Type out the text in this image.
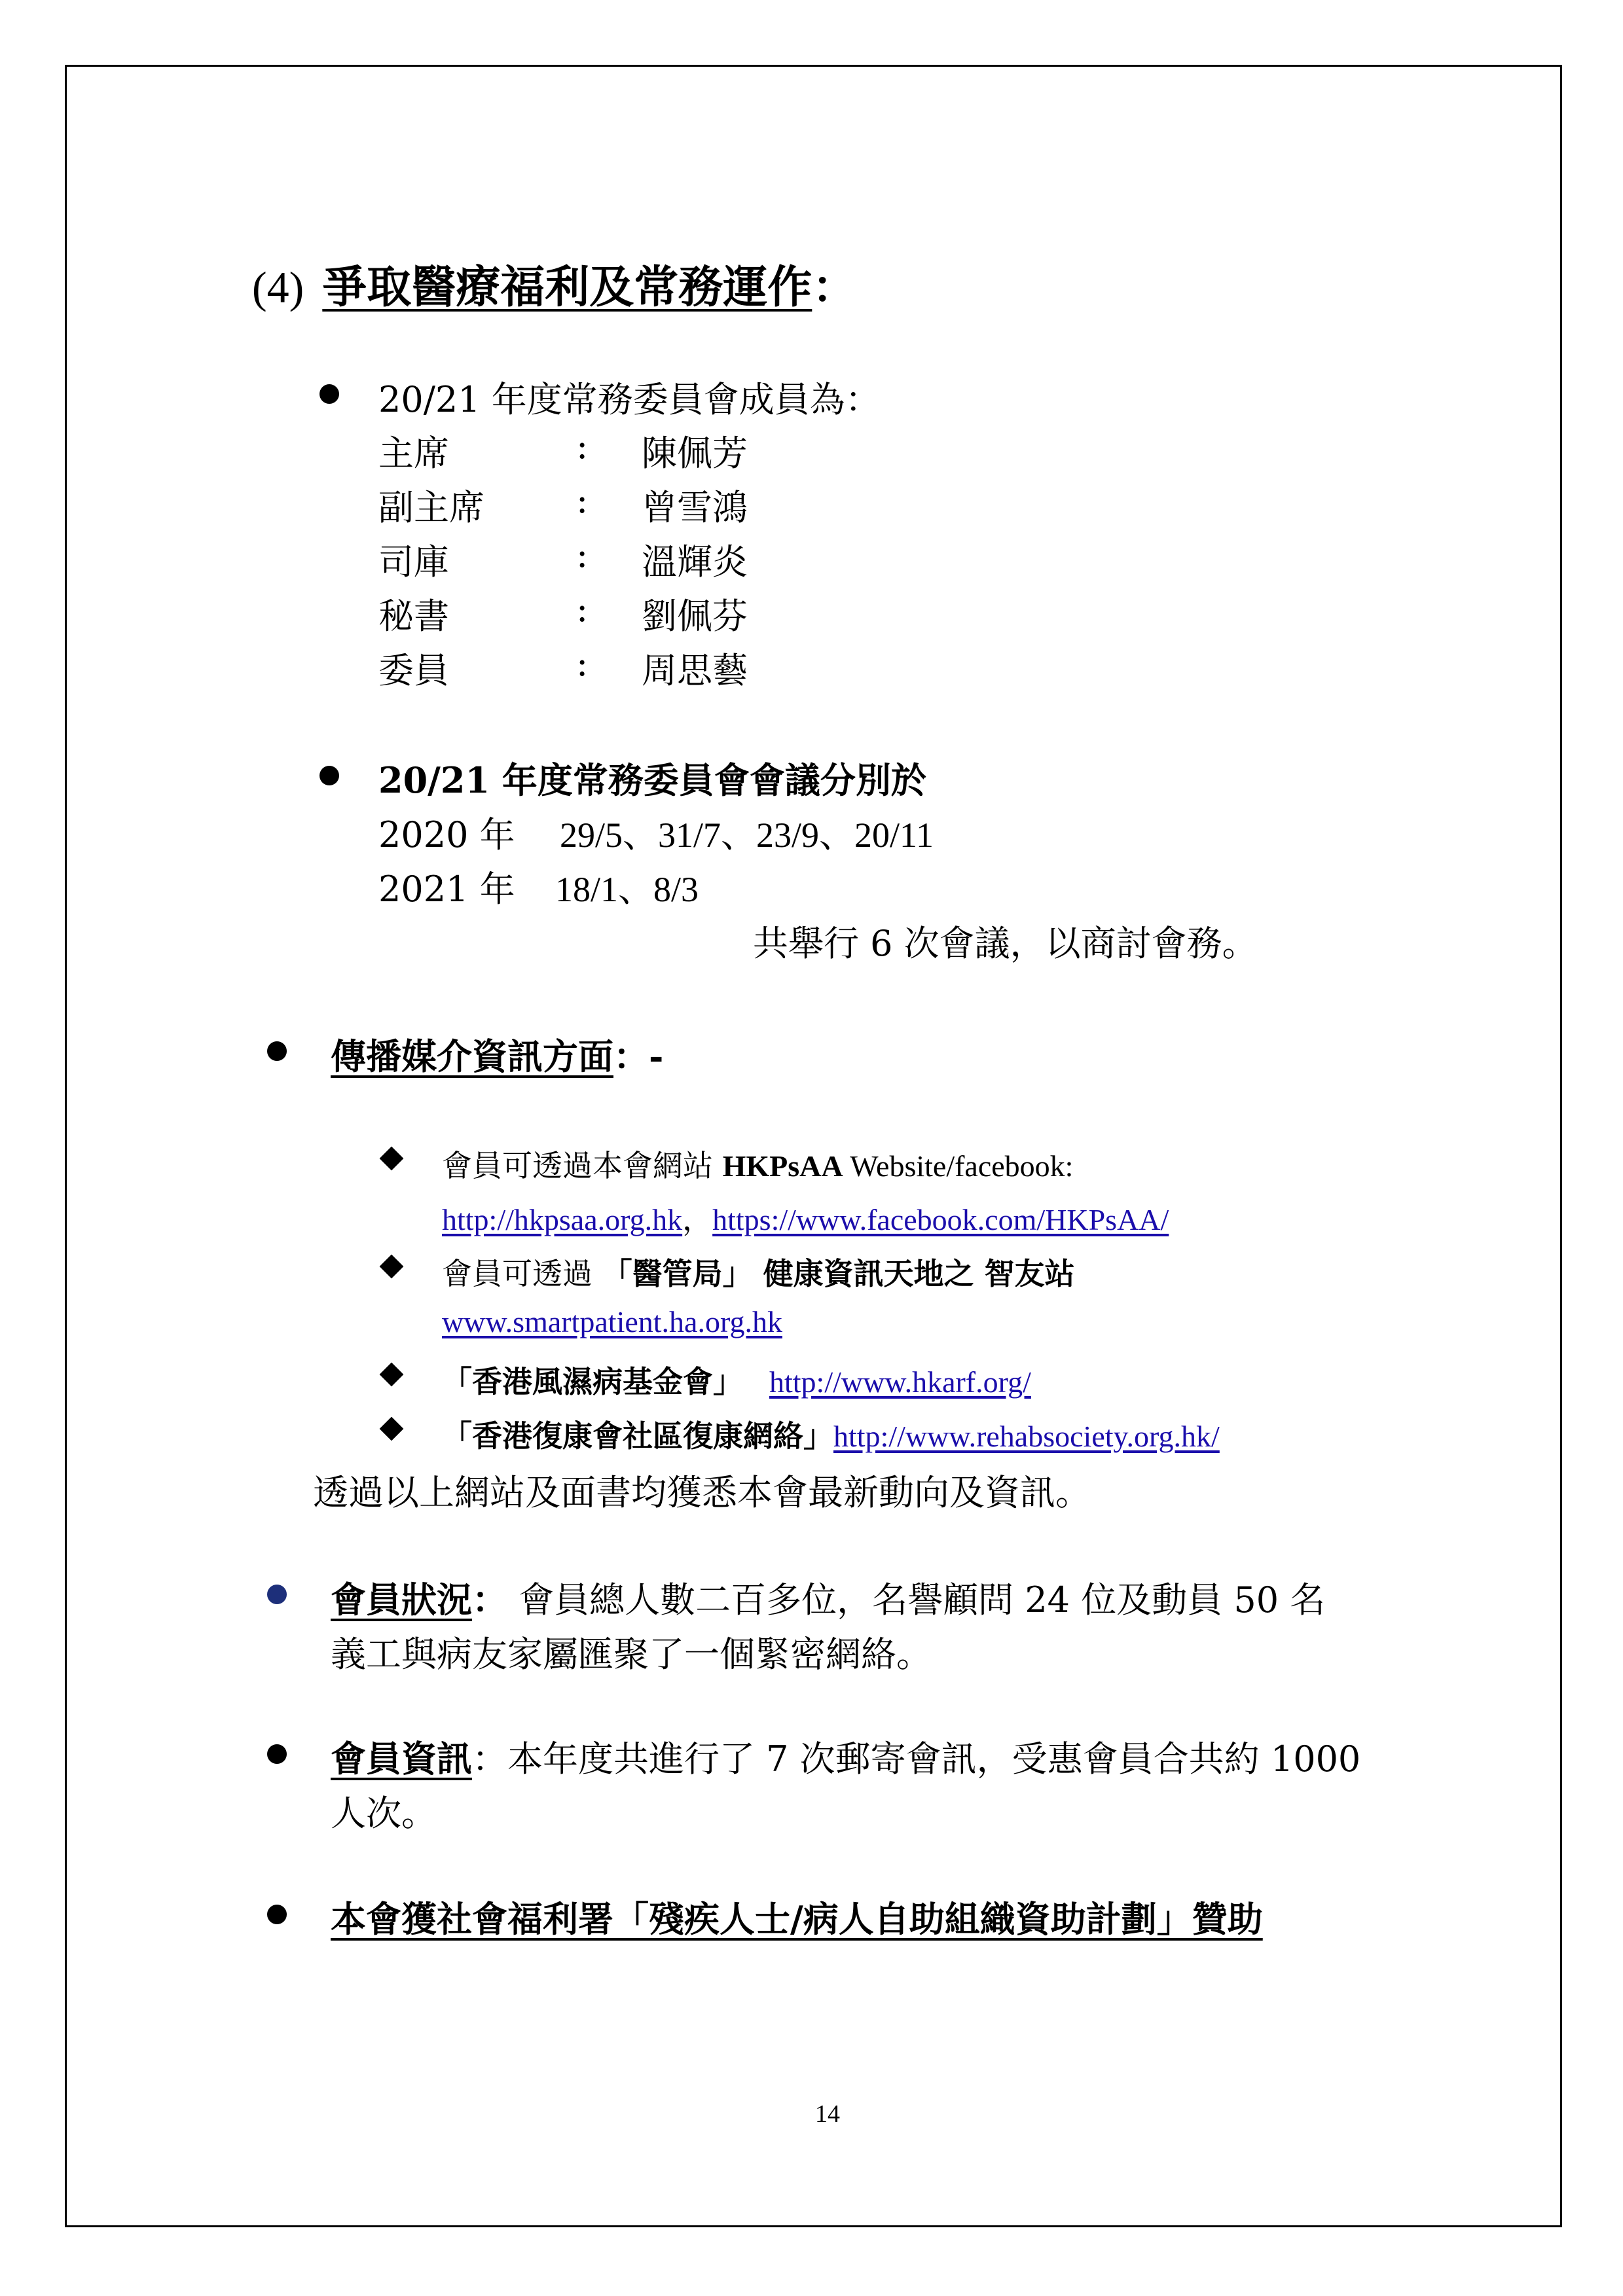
(4) 爭取醫療福利及常務運作：
20/21 年度常務委員會成員為：
主席	: 陳佩芳
副主席	: 曾雪鴻
司庫	: 溫輝炎
秘書	: 劉佩芬
委員	: 周思藝
20/21 年度常務委員會會議分別於
2020 年 29/5、31/7、23/9、20/11
2021 年 18/1、8/3
共舉行 6 次會議，以商討會務。
傳播媒介資訊方面：-
會員可透過本會網站 HKPsAA Website/facebook:
http://hkpsaa.org.hk，https://www.facebook.com/HKPsAA/
會員可透過 「醫管局」 健康資訊天地之 智友站
www.smartpatient.ha.org.hk
「香港風濕病基金會」 http://www.hkarf.org/
「香港復康會社區復康網絡」http://www.rehabsociety.org.hk/
透過以上網站及面書均獲悉本會最新動向及資訊。
會員狀況： 會員總人數二百多位，名譽顧問 24 位及動員 50 名
義工與病友家屬匯聚了一個緊密網絡。
會員資訊：本年度共進行了 7 次郵寄會訊，受惠會員合共約 1000
人次。
本會獲社會福利署「殘疾人士/病人自助組織資助計劃」贊助
14
